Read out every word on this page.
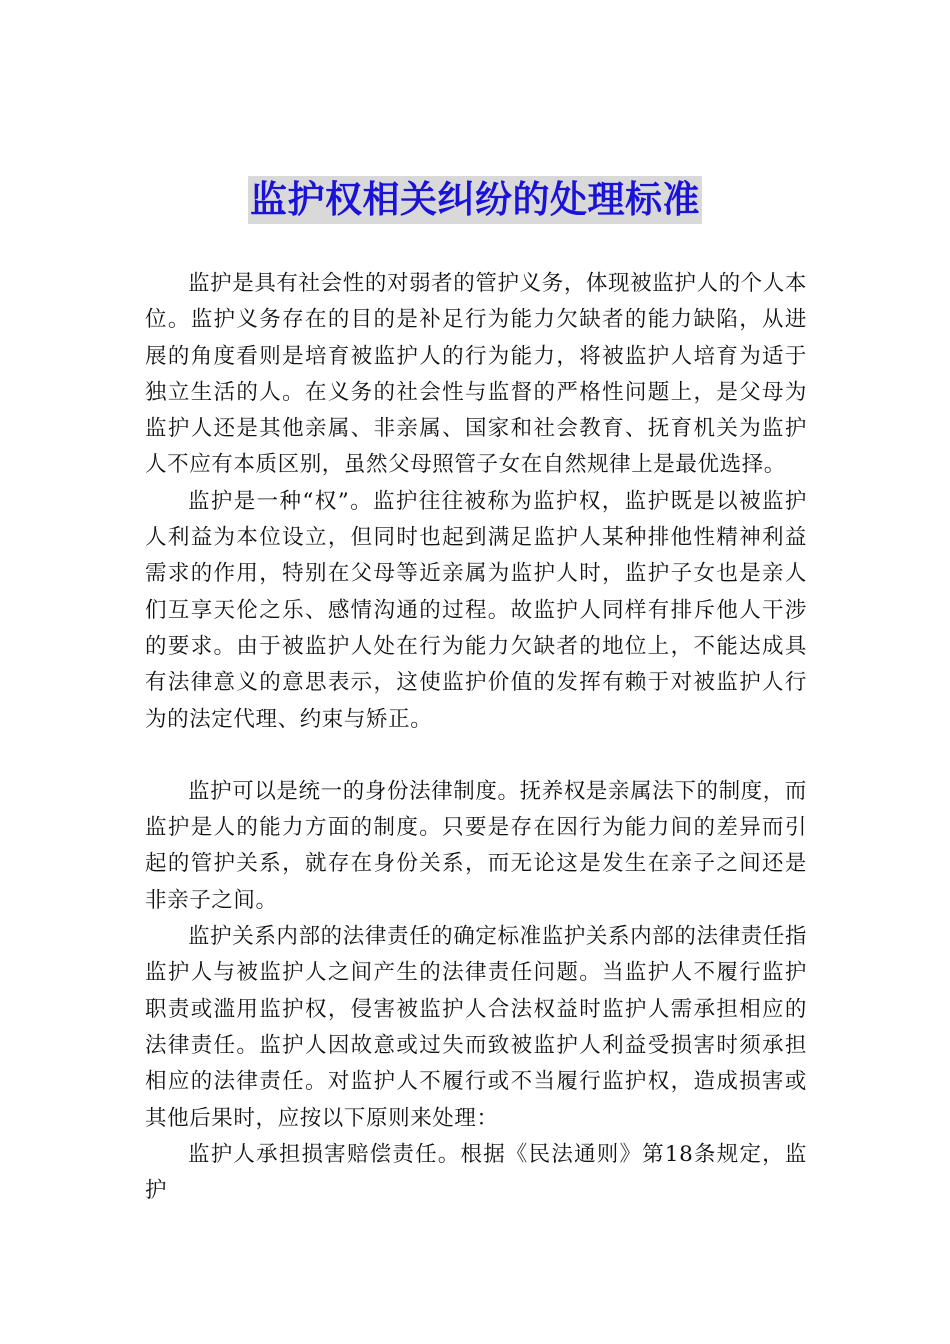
监护权相关纠纷的处理标准

监护是具有社会性的对弱者的管护义务，体现被监护人的个人本位。监护义务存在的目的是补足行为能力欠缺者的能力缺陷，从进展的角度看则是培育被监护人的行为能力，将被监护人培育为适于独立生活的人。在义务的社会性与监督的严格性问题上，是父母为监护人还是其他亲属、非亲属、国家和社会教育、抚育机关为监护人不应有本质区别，虽然父母照管子女在自然规律上是最优选择。

监护是一种“权”。监护往往被称为监护权，监护既是以被监护人利益为本位设立，但同时也起到满足监护人某种排他性精神利益需求的作用，特别在父母等近亲属为监护人时，监护子女也是亲人们互享天伦之乐、感情沟通的过程。故监护人同样有排斥他人干涉的要求。由于被监护人处在行为能力欠缺者的地位上，不能达成具有法律意义的意思表示，这使监护价值的发挥有赖于对被监护人行为的法定代理、约束与矫正。

监护可以是统一的身份法律制度。抚养权是亲属法下的制度，而监护是人的能力方面的制度。只要是存在因行为能力间的差异而引起的管护关系，就存在身份关系，而无论这是发生在亲子之间还是非亲子之间。

监护关系内部的法律责任的确定标准监护关系内部的法律责任指监护人与被监护人之间产生的法律责任问题。当监护人不履行监护职责或滥用监护权，侵害被监护人合法权益时监护人需承担相应的法律责任。监护人因故意或过失而致被监护人利益受损害时须承担相应的法律责任。对监护人不履行或不当履行监护权，造成损害或其他后果时，应按以下原则来处理：

监护人承担损害赔偿责任。根据《民法通则》第18条规定，监护
